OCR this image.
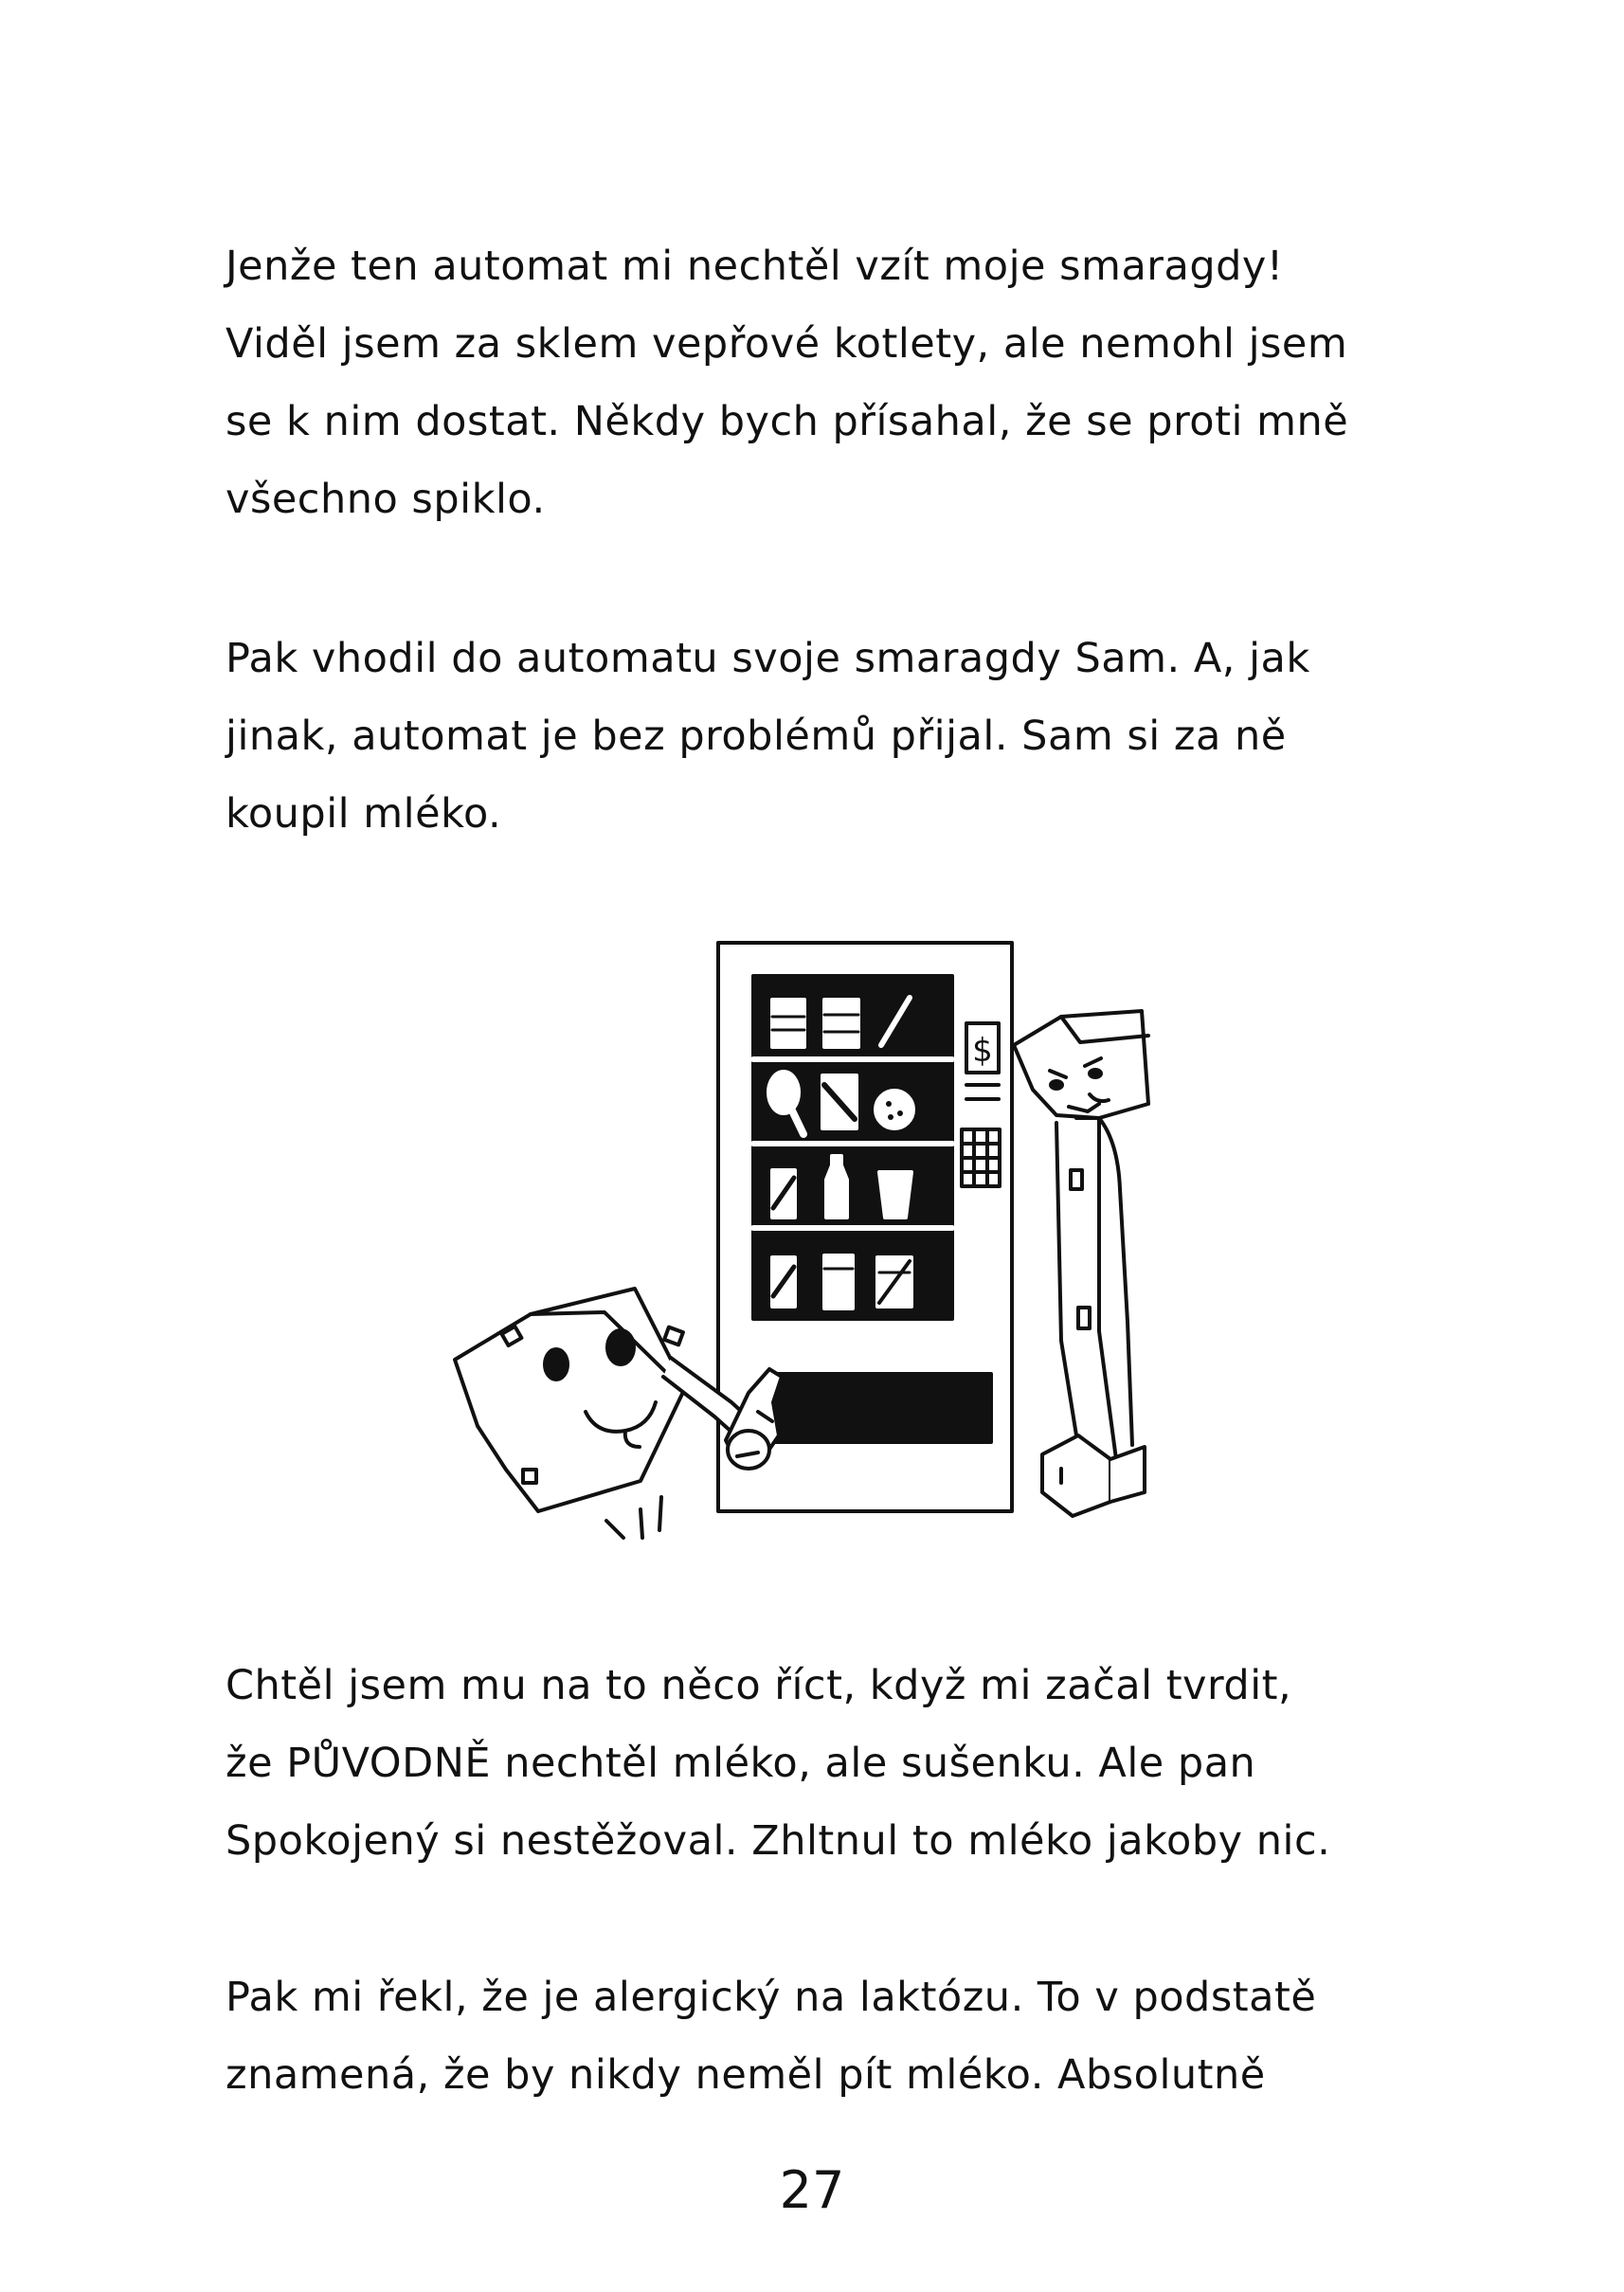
Jenže ten automat mi nechtěl vzít moje smaragdy!
Viděl jsem za sklem vepřové kotlety, ale nemohl jsem
se k nim dostat. Někdy bych přísahal, že se proti mně
všechno spiklo.
Pak vhodil do automatu svoje smaragdy Sam. A, jak
jinak, automat je bez problémů přijal. Sam si za ně
koupil mléko.
$
Chtěl jsem mu na to něco říct, když mi začal tvrdit,
že PŮVODNĚ nechtěl mléko, ale sušenku. Ale pan
Spokojený si nestěžoval. Zhltnul to mléko jakoby nic.
Pak mi řekl, že je alergický na laktózu. To v podstatě
znamená, že by nikdy neměl pít mléko. Absolutně
27
